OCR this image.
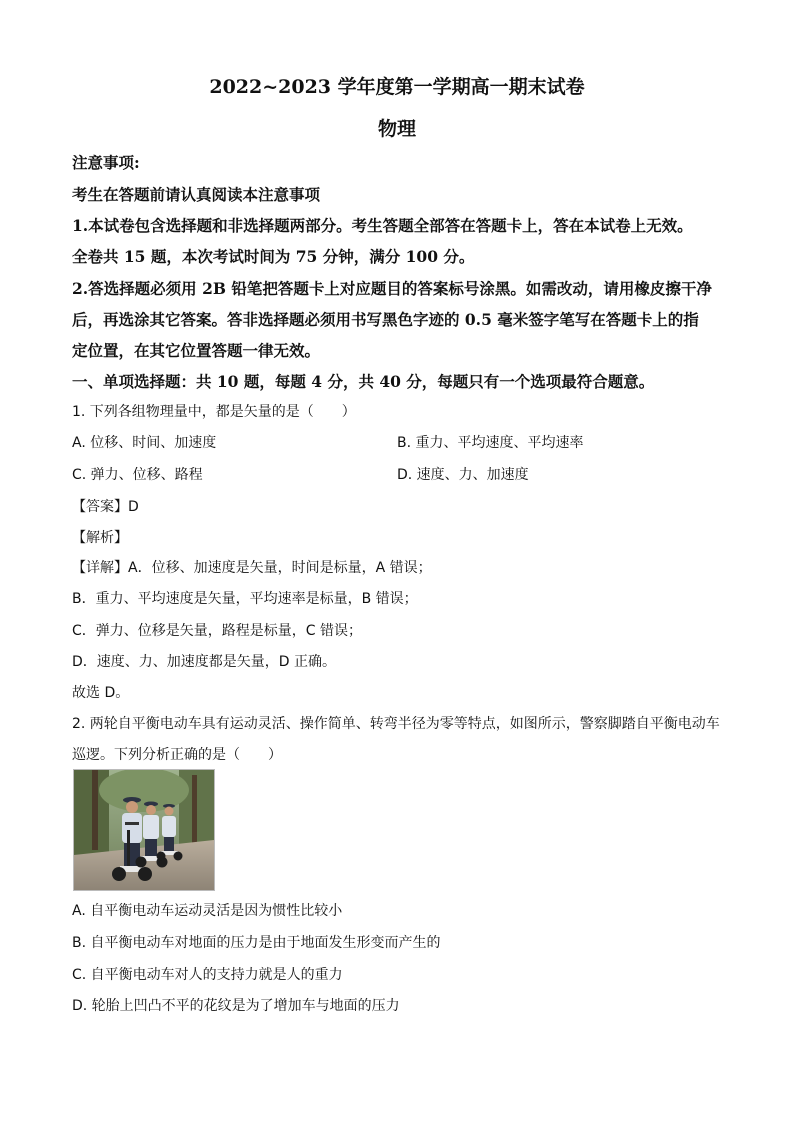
2022~2023 学年度第一学期高一期末试卷
物理
注意事项:
考生在答题前请认真阅读本注意事项
1.本试卷包含选择题和非选择题两部分。考生答题全部答在答题卡上，答在本试卷上无效。
全卷共 15 题，本次考试时间为 75 分钟，满分 100 分。
2.答选择题必须用 2B 铅笔把答题卡上对应题目的答案标号涂黑。如需改动，请用橡皮擦干净
后，再选涂其它答案。答非选择题必须用书写黑色字迹的 0.5 毫米签字笔写在答题卡上的指
定位置，在其它位置答题一律无效。
一、单项选择题：共 10 题，每题 4 分，共 40 分，每题只有一个选项最符合题意。
1. 下列各组物理量中，都是矢量的是（　　）
A. 位移、时间、加速度	B. 重力、平均速度、平均速率
C. 弹力、位移、路程	D. 速度、力、加速度
【答案】D
【解析】
【详解】A．位移、加速度是矢量，时间是标量，A 错误；
B．重力、平均速度是矢量，平均速率是标量，B 错误；
C．弹力、位移是矢量，路程是标量，C 错误；
D．速度、力、加速度都是矢量，D 正确。
故选 D。
2. 两轮自平衡电动车具有运动灵活、操作简单、转弯半径为零等特点，如图所示，警察脚踏自平衡电动车
巡逻。下列分析正确的是（　　）
A. 自平衡电动车运动灵活是因为惯性比较小
B. 自平衡电动车对地面的压力是由于地面发生形变而产生的
C. 自平衡电动车对人的支持力就是人的重力
D. 轮胎上凹凸不平的花纹是为了增加车与地面的压力
